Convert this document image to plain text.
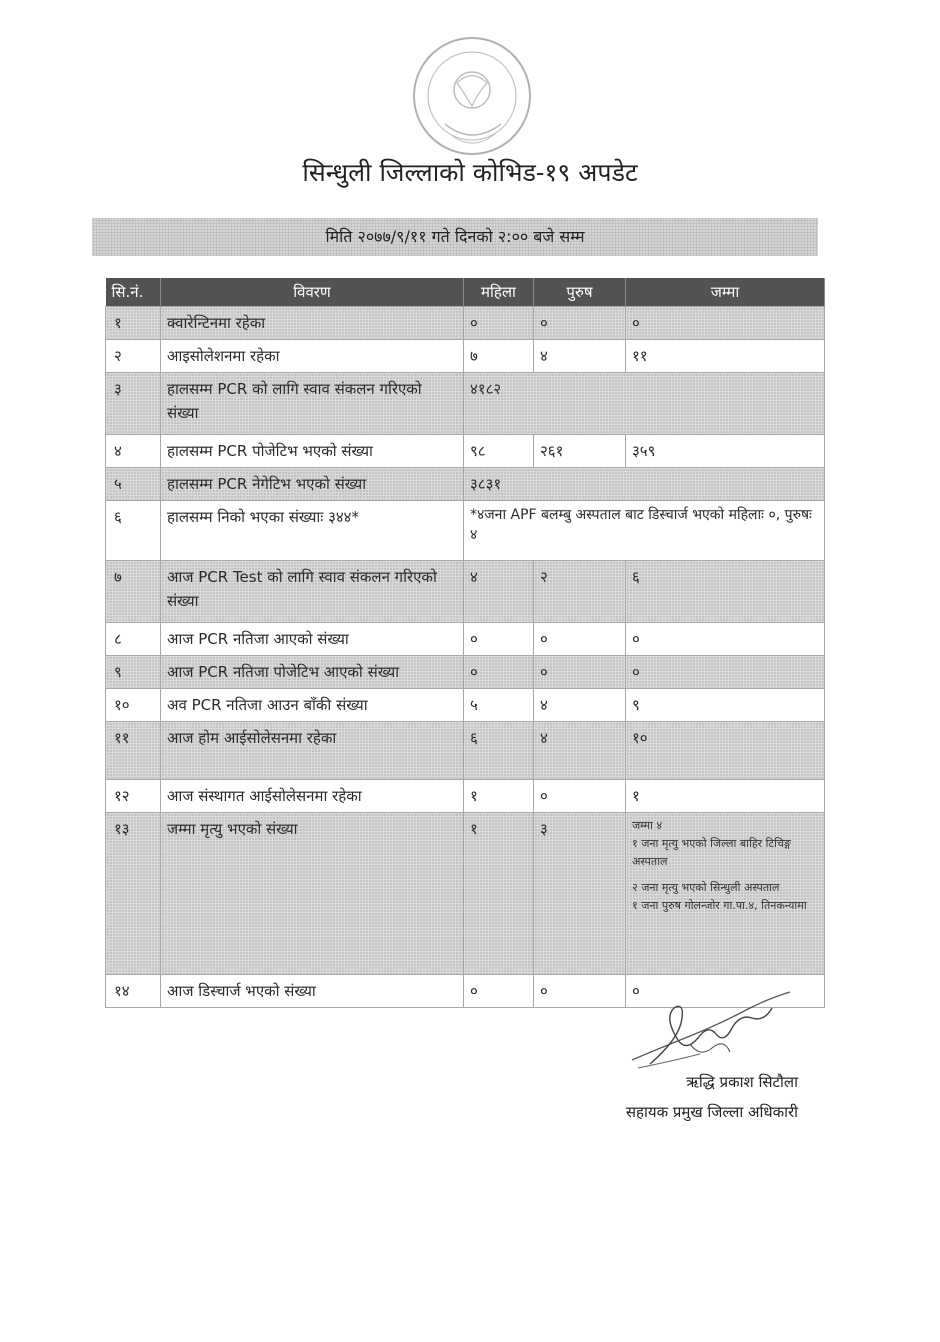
सिन्धुली जिल्लाको कोभिड-१९ अपडेट
मिति २०७७/९/११ गते दिनको २:०० बजे सम्म
सि.नं.	विवरण	महिला	पुरुष	जम्मा
१	क्वारेन्टिनमा रहेका	०	०	०
२	आइसोलेशनमा रहेका	७	४	११
३	हालसम्म PCR को लागि स्वाव संकलन गरिएको संख्या	४१८२		
४	हालसम्म PCR पोजेटिभ भएको संख्या	९८	२६१	३५९
५	हालसम्म PCR नेगेटिभ भएको संख्या	३८३१		
६	हालसम्म निको भएका संख्याः ३४४*	*४जना APF बलम्बु अस्पताल बाट डिस्चार्ज भएको महिलाः ०, पुरुषः ४		
७	आज PCR Test को लागि स्वाव संकलन गरिएको संख्या	४	२	६
८	आज PCR नतिजा आएको संख्या	०	०	०
९	आज PCR नतिजा पोजेटिभ आएको संख्या	०	०	०
१०	अव PCR नतिजा आउन बाँकी संख्या	५	४	९
११	आज होम आईसोलेसनमा रहेका	६	४	१०
१२	आज संस्थागत आईसोलेसनमा रहेका	१	०	१
१३	जम्मा मृत्यु भएको संख्या	१	३	जम्मा ४
१ जना मृत्यु भएको जिल्ला बाहिर टिचिङ्ग अस्पताल
२ जना मृत्यु भएको सिन्धुली अस्पताल
१ जना पुरुष गोलन्जोर गा.पा.४, तिनकन्यामा

१४	आज डिस्चार्ज भएको संख्या	०	०	०
ऋद्धि प्रकाश सिटौला
सहायक प्रमुख जिल्ला अधिकारी
